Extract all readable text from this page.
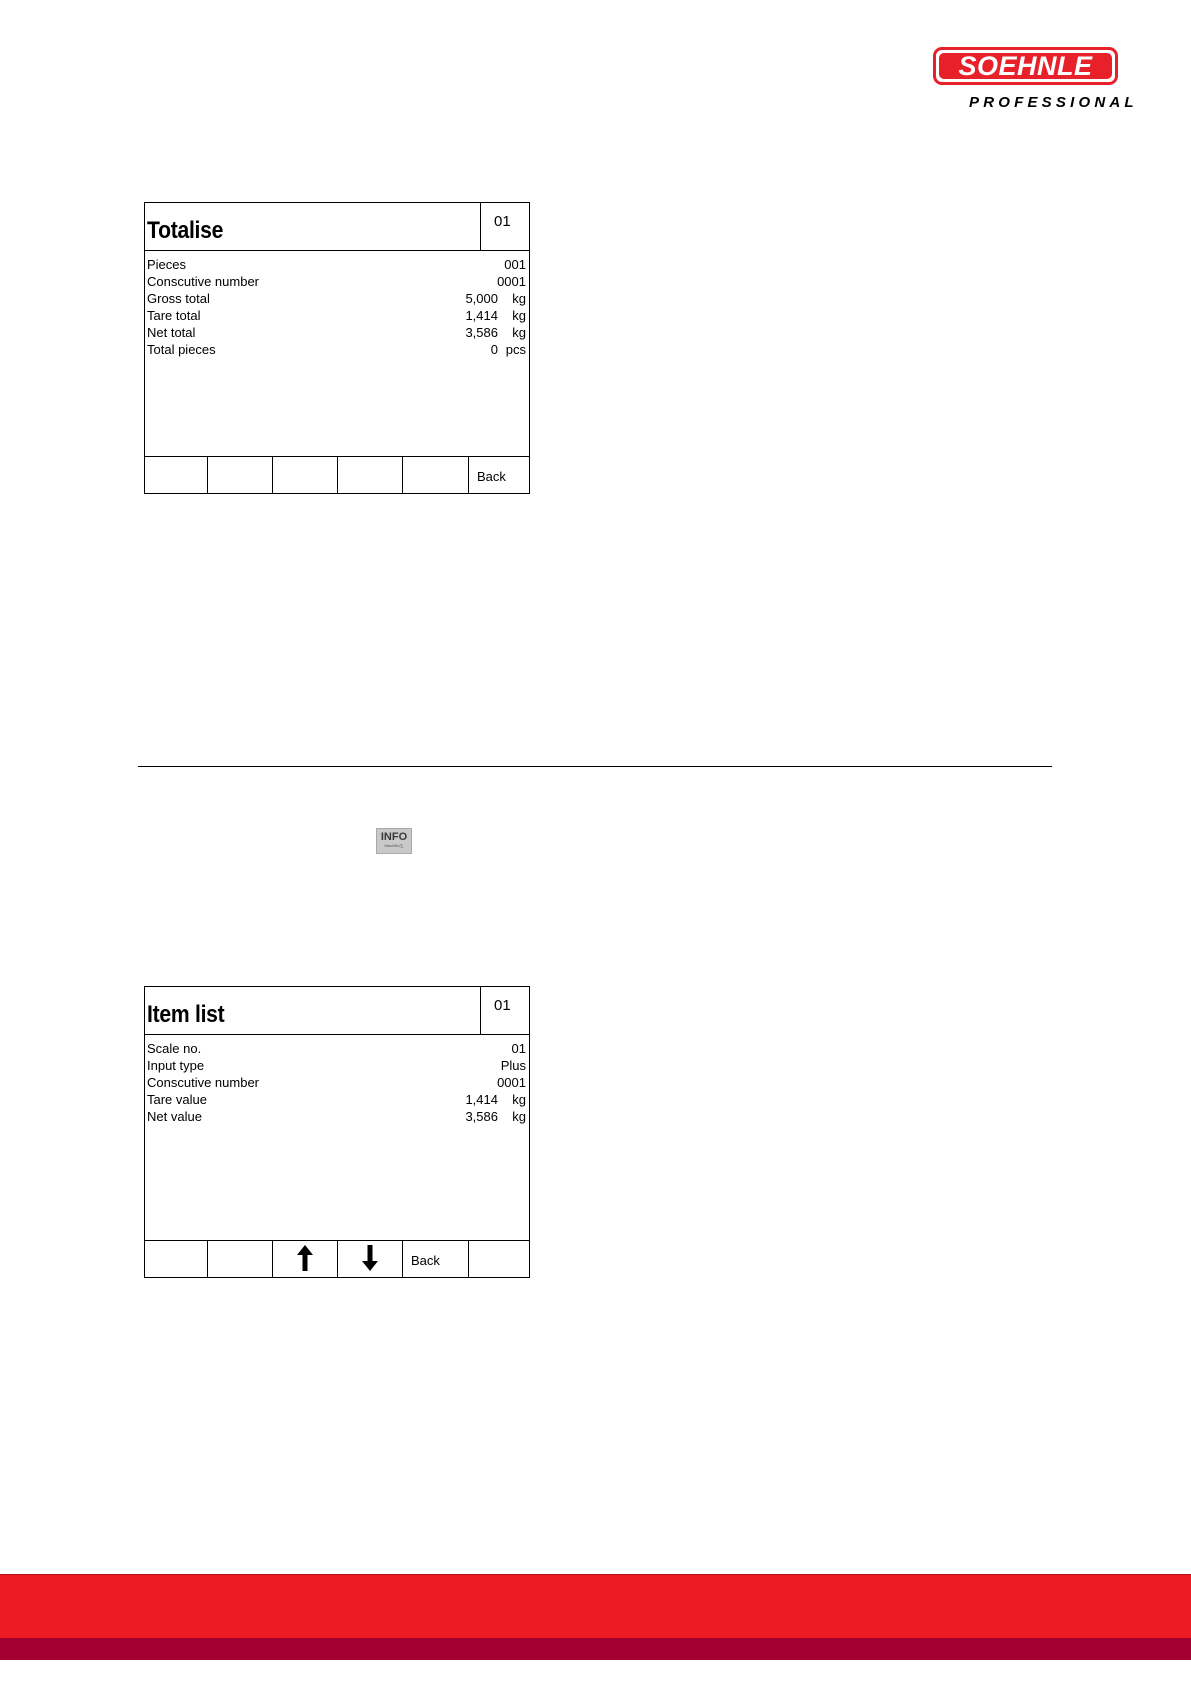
SOEHNLE
PROFESSIONAL
Totalise	01
Pieces	001
Conscutive number	0001
Gross total	5,000 kg
Tare total	1,414 kg
Net total	3,586 kg
Total pieces	0 pcs
Back
INFO
Max/Min/∑
Item list	01
Scale no.	01
Input type	Plus
Conscutive number	0001
Tare value	1,414 kg
Net value	3,586 kg
Back
